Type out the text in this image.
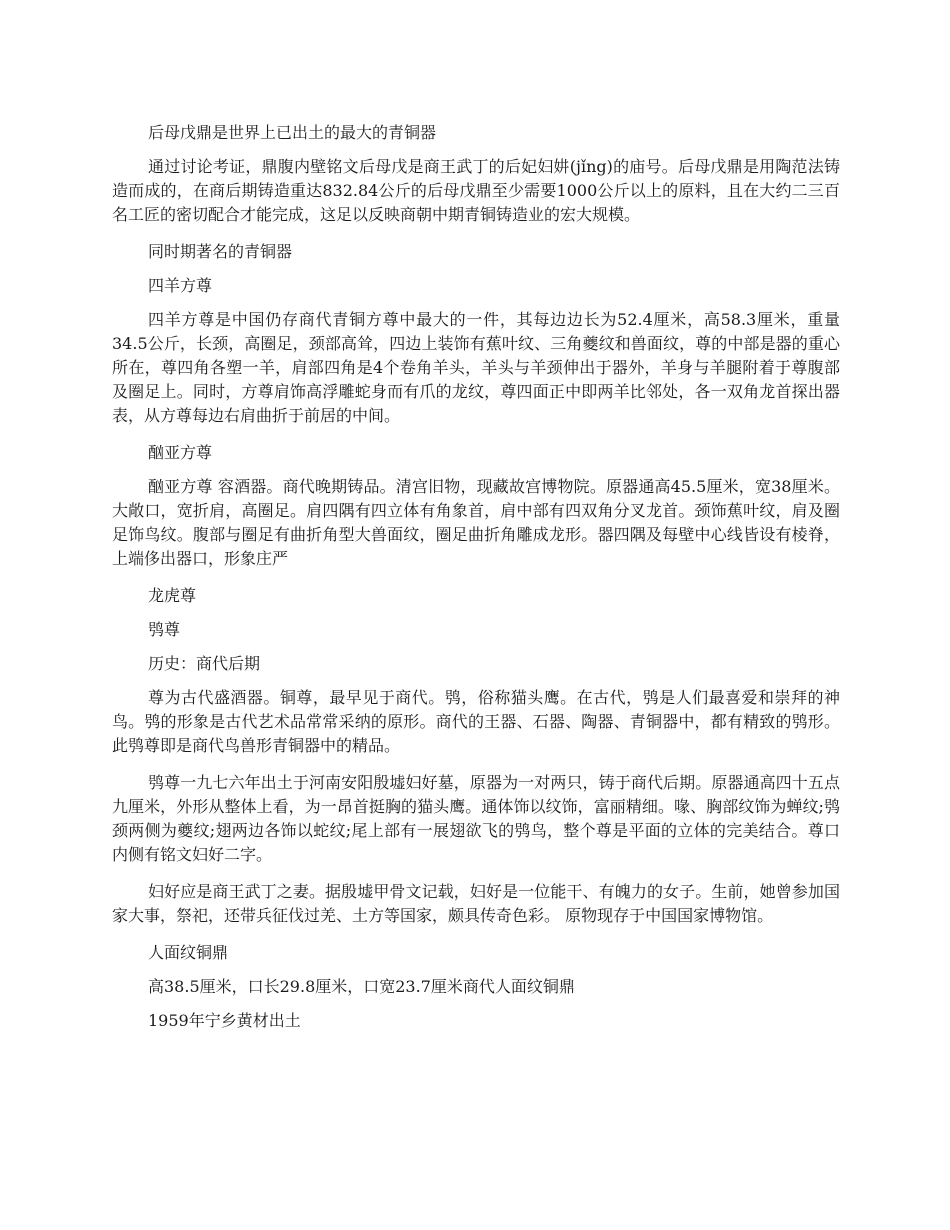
后母戊鼎是世界上已出土的最大的青铜器

通过讨论考证，鼎腹内壁铭文后母戊是商王武丁的后妃妇妌(jǐng)的庙号。后母戊鼎是用陶范法铸造而成的，在商后期铸造重达832.84公斤的后母戊鼎至少需要1000公斤以上的原料，且在大约二三百名工匠的密切配合才能完成，这足以反映商朝中期青铜铸造业的宏大规模。

同时期著名的青铜器

四羊方尊

四羊方尊是中国仍存商代青铜方尊中最大的一件，其每边边长为52.4厘米，高58.3厘米，重量34.5公斤，长颈，高圈足，颈部高耸，四边上装饰有蕉叶纹、三角夔纹和兽面纹，尊的中部是器的重心所在，尊四角各塑一羊，肩部四角是4个卷角羊头，羊头与羊颈伸出于器外，羊身与羊腿附着于尊腹部及圈足上。同时，方尊肩饰高浮雕蛇身而有爪的龙纹，尊四面正中即两羊比邻处，各一双角龙首探出器表，从方尊每边右肩曲折于前居的中间。

酗亚方尊

酗亚方尊 容酒器。商代晚期铸品。清宫旧物，现藏故宫博物院。原器通高45.5厘米，宽38厘米。大敞口，宽折肩，高圈足。肩四隅有四立体有角象首，肩中部有四双角分叉龙首。颈饰蕉叶纹，肩及圈足饰鸟纹。腹部与圈足有曲折角型大兽面纹，圈足曲折角雕成龙形。器四隅及每壁中心线皆设有棱脊，上端侈出器口，形象庄严

龙虎尊

鸮尊

历史：商代后期

尊为古代盛酒器。铜尊，最早见于商代。鸮，俗称猫头鹰。在古代，鸮是人们最喜爱和崇拜的神鸟。鸮的形象是古代艺术品常常采纳的原形。商代的王器、石器、陶器、青铜器中，都有精致的鸮形。此鸮尊即是商代鸟兽形青铜器中的精品。

鸮尊一九七六年出土于河南安阳殷墟妇好墓，原器为一对两只，铸于商代后期。原器通高四十五点九厘米，外形从整体上看，为一昂首挺胸的猫头鹰。通体饰以纹饰，富丽精细。喙、胸部纹饰为蝉纹;鸮颈两侧为夔纹;翅两边各饰以蛇纹;尾上部有一展翅欲飞的鸮鸟，整个尊是平面的立体的完美结合。尊口内侧有铭文妇好二字。

妇好应是商王武丁之妻。据殷墟甲骨文记载，妇好是一位能干、有魄力的女子。生前，她曾参加国家大事，祭祀，还带兵征伐过羌、土方等国家，颇具传奇色彩。 原物现存于中国国家博物馆。

人面纹铜鼎

高38.5厘米，口长29.8厘米，口宽23.7厘米商代人面纹铜鼎

1959年宁乡黄材出土
